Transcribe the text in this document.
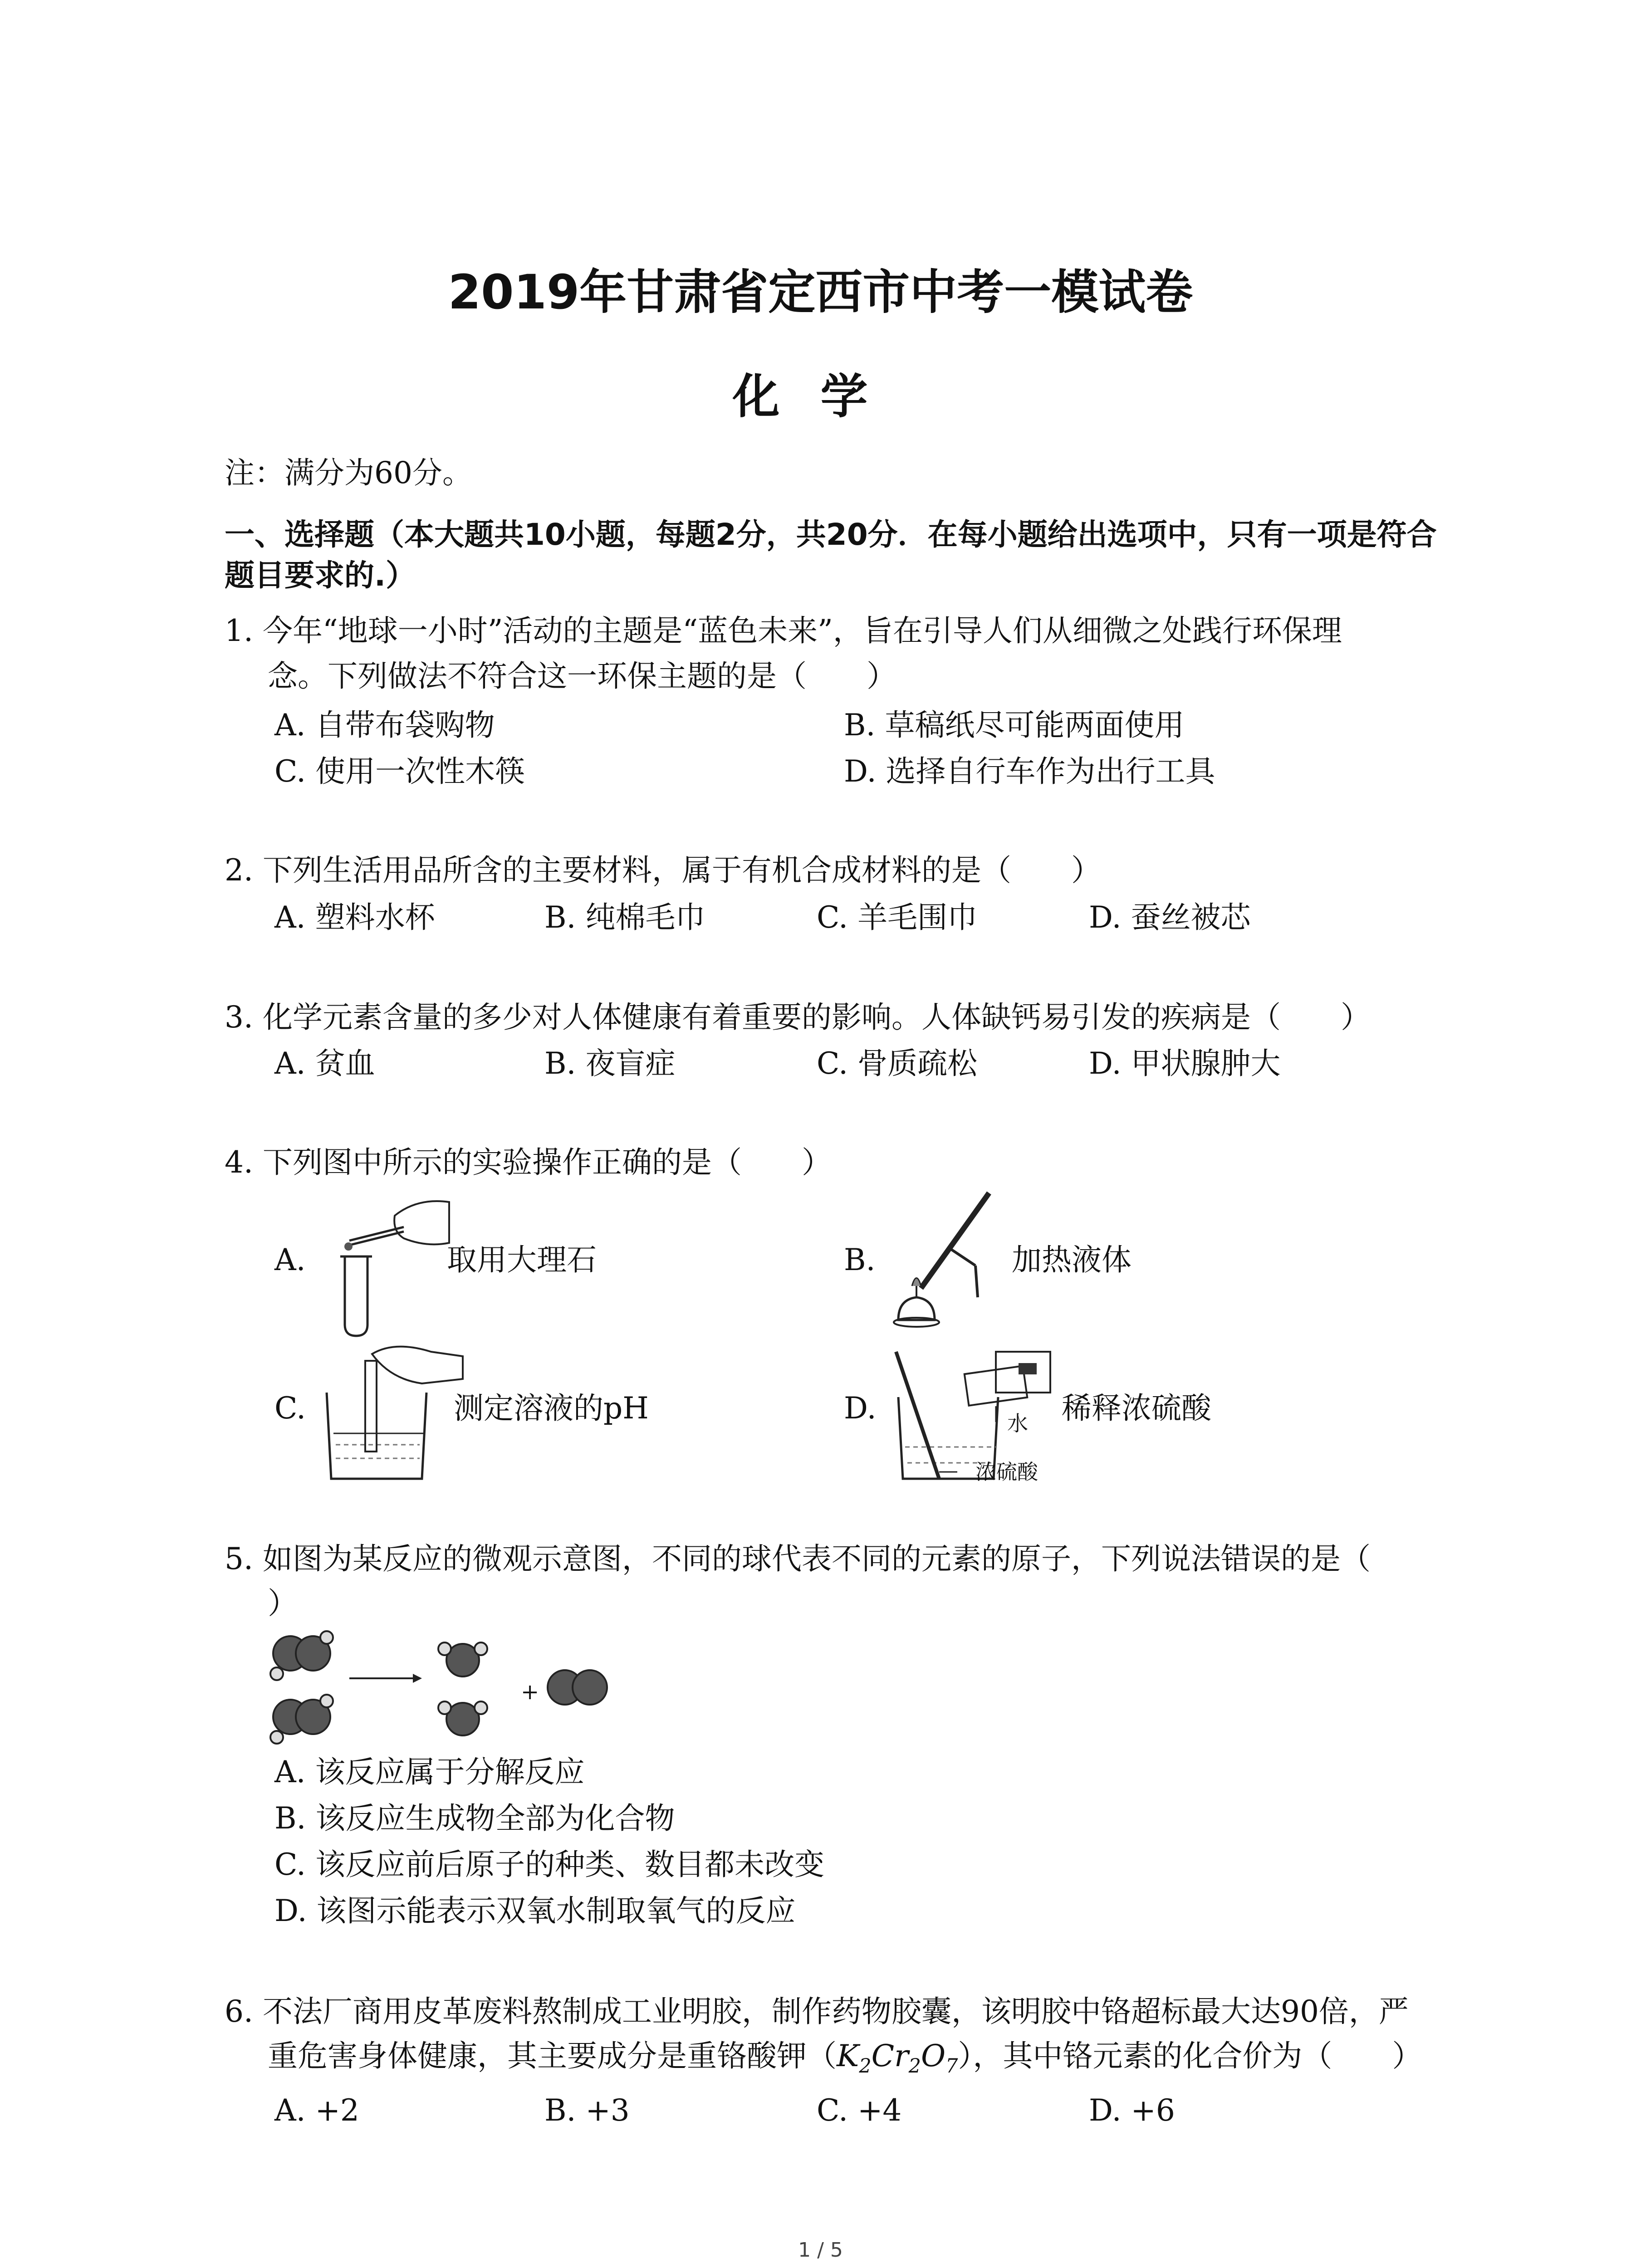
2019年甘肃省定西市中考一模试卷
化学
注：满分为60分。
一、选择题（本大题共10小题，每题2分，共20分．在每小题给出选项中，只有一项是符合
题目要求的.）
1. 今年“地球一小时”活动的主题是“蓝色未来”，旨在引导人们从细微之处践行环保理
念。下列做法不符合这一环保主题的是（　　）
A. 自带布袋购物	B. 草稿纸尽可能两面使用
C. 使用一次性木筷	D. 选择自行车作为出行工具
2. 下列生活用品所含的主要材料，属于有机合成材料的是（　　）
A. 塑料水杯	B. 纯棉毛巾	C. 羊毛围巾	D. 蚕丝被芯
3. 化学元素含量的多少对人体健康有着重要的影响。人体缺钙易引发的疾病是（　　）
A. 贫血	B. 夜盲症	C. 骨质疏松	D. 甲状腺肿大
4. 下列图中所示的实验操作正确的是（　　）
A.	取用大理石	B.	加热液体
C.	测定溶液的pH	D.	水
浓硫酸
稀释浓硫酸
5. 如图为某反应的微观示意图，不同的球代表不同的元素的原子，下列说法错误的是（
）
+
A. 该反应属于分解反应
B. 该反应生成物全部为化合物
C. 该反应前后原子的种类、数目都未改变
D. 该图示能表示双氧水制取氧气的反应
6. 不法厂商用皮革废料熬制成工业明胶，制作药物胶囊，该明胶中铬超标最大达90倍，严
重危害身体健康，其主要成分是重铬酸钾$(K_2Cr_2O_7)$，其中铬元素的化合价为（　　）
A. +2	B. +3	C. +4	D. +6
1 / 5
